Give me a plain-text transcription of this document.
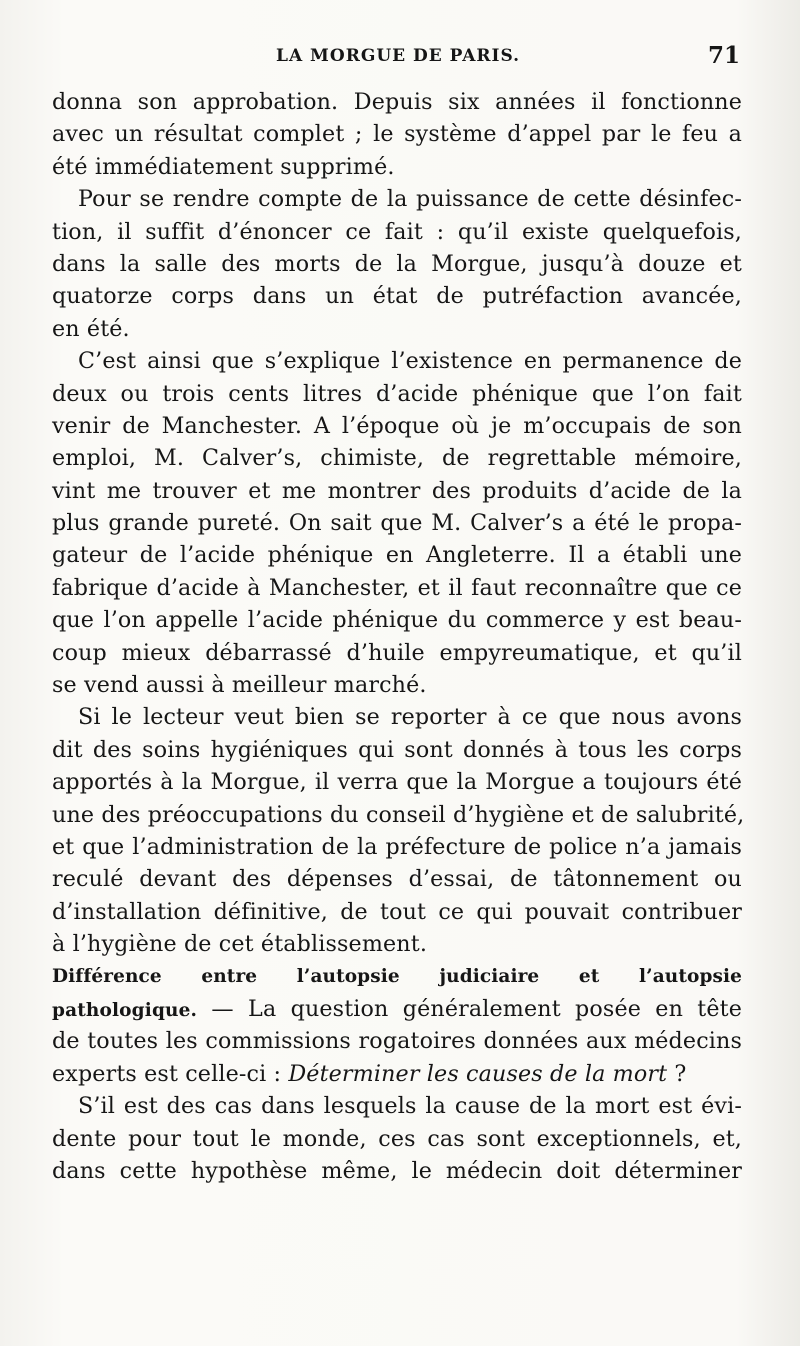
LA MORGUE DE PARIS.	71
donna son approbation. Depuis six années il fonctionne
avec un résultat complet ; le système d’appel par le feu a
été immédiatement supprimé.
Pour se rendre compte de la puissance de cette désinfec-
tion, il suffit d’énoncer ce fait : qu’il existe quelquefois,
dans la salle des morts de la Morgue, jusqu’à douze et
quatorze corps dans un état de putréfaction avancée,
en été.
C’est ainsi que s’explique l’existence en permanence de
deux ou trois cents litres d’acide phénique que l’on fait
venir de Manchester. A l’époque où je m’occupais de son
emploi, M. Calver’s, chimiste, de regrettable mémoire,
vint me trouver et me montrer des produits d’acide de la
plus grande pureté. On sait que M. Calver’s a été le propa-
gateur de l’acide phénique en Angleterre. Il a établi une
fabrique d’acide à Manchester, et il faut reconnaître que ce
que l’on appelle l’acide phénique du commerce y est beau-
coup mieux débarrassé d’huile empyreumatique, et qu’il
se vend aussi à meilleur marché.
Si le lecteur veut bien se reporter à ce que nous avons
dit des soins hygiéniques qui sont donnés à tous les corps
apportés à la Morgue, il verra que la Morgue a toujours été
une des préoccupations du conseil d’hygiène et de salubrité,
et que l’administration de la préfecture de police n’a jamais
reculé devant des dépenses d’essai, de tâtonnement ou
d’installation définitive, de tout ce qui pouvait contribuer
à l’hygiène de cet établissement.
Différence entre l’autopsie judiciaire et l’autopsie
pathologique. — La question généralement posée en tête
de toutes les commissions rogatoires données aux médecins
experts est celle-ci : Déterminer les causes de la mort ?
S’il est des cas dans lesquels la cause de la mort est évi-
dente pour tout le monde, ces cas sont exceptionnels, et,
dans cette hypothèse même, le médecin doit déterminer
